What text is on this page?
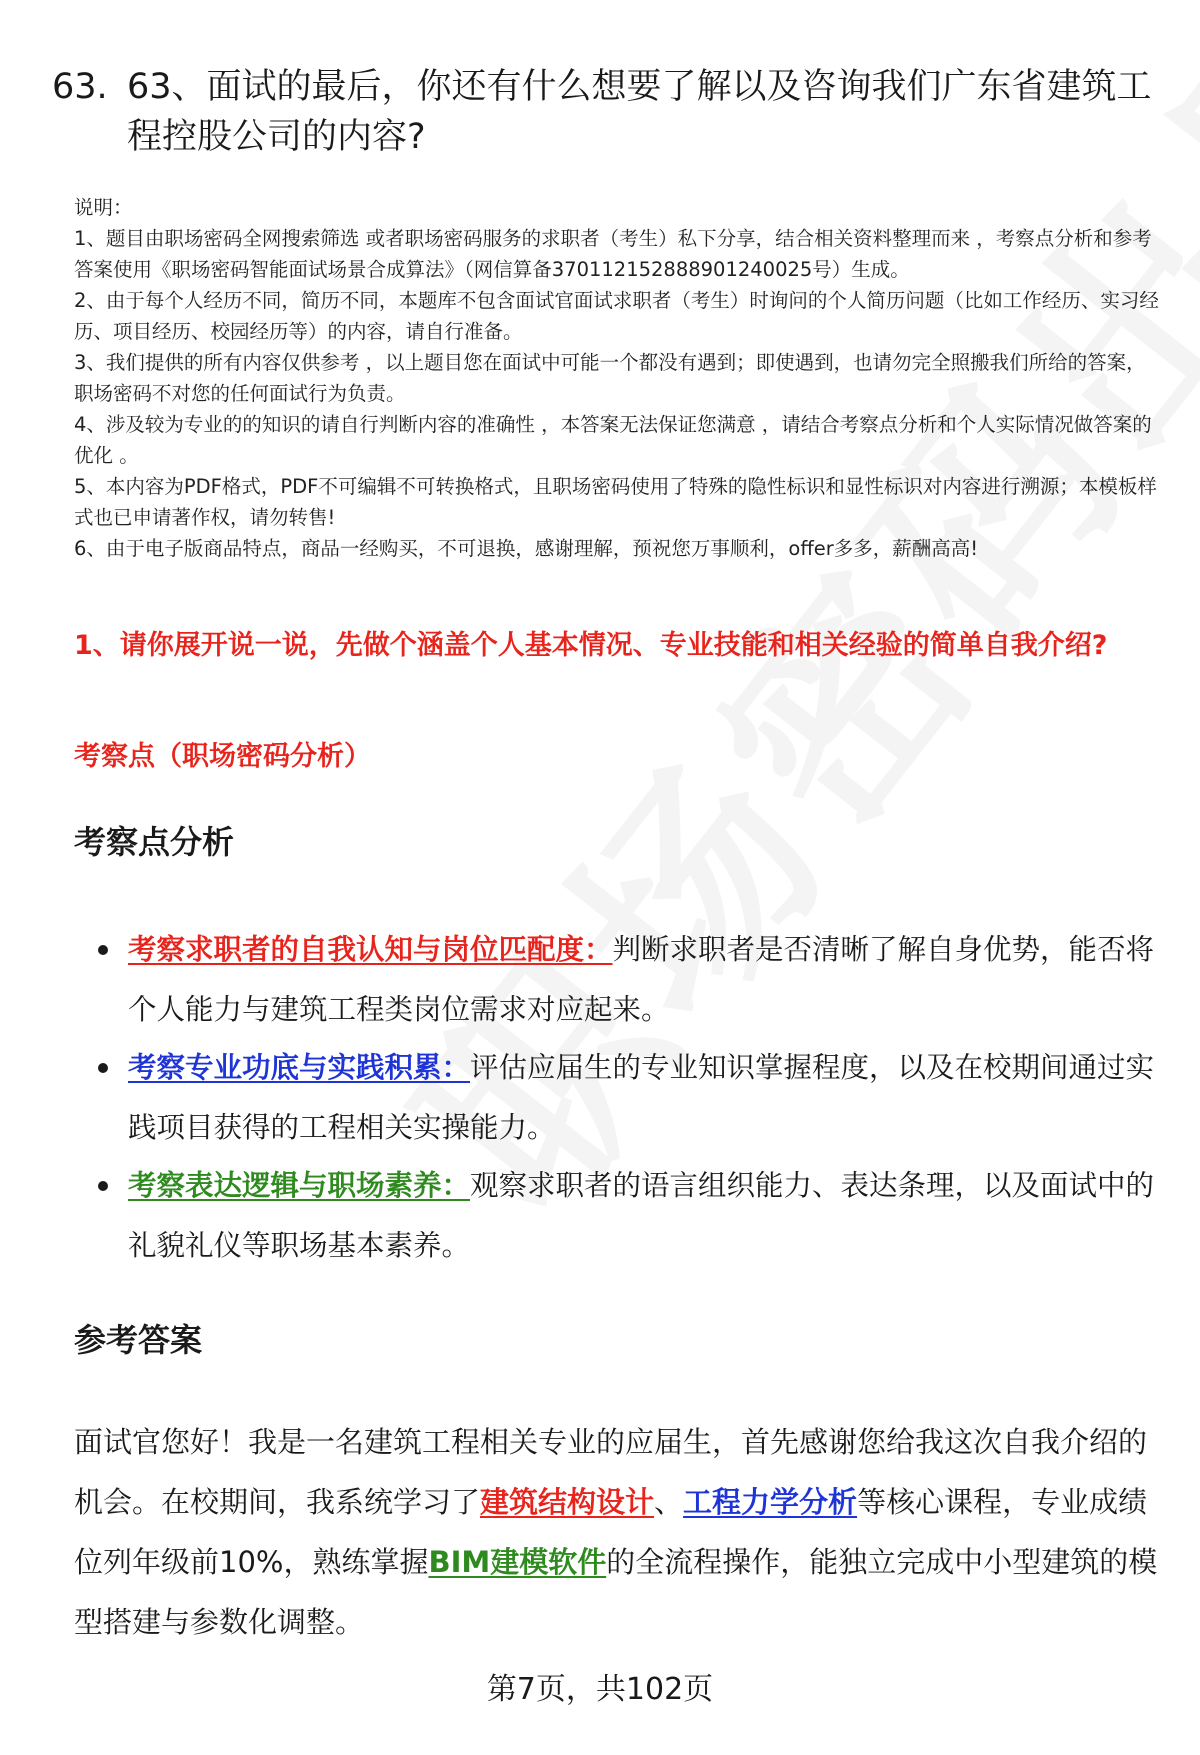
63. 63、面试的最后，你还有什么想要了解以及咨询我们广东省建筑工程控股公司的内容?
说明：
1、题目由职场密码全网搜索筛选 或者职场密码服务的求职者（考生）私下分享，结合相关资料整理而来 ，考察点分析和参考答案使用《职场密码智能面试场景合成算法》（网信算备370112152888901240025号）生成。
2、由于每个人经历不同，简历不同，本题库不包含面试官面试求职者（考生）时询问的个人简历问题（比如工作经历、实习经历、项目经历、校园经历等）的内容，请自行准备。
3、我们提供的所有内容仅供参考 ，以上题目您在面试中可能一个都没有遇到；即使遇到，也请勿完全照搬我们所给的答案，职场密码不对您的任何面试行为负责。
4、涉及较为专业的的知识的请自行判断内容的准确性 ，本答案无法保证您满意 ，请结合考察点分析和个人实际情况做答案的优化 。
5、本内容为PDF格式，PDF不可编辑不可转换格式，且职场密码使用了特殊的隐性标识和显性标识对内容进行溯源；本模板样式也已申请著作权，请勿转售!
6、由于电子版商品特点，商品一经购买，不可退换，感谢理解，预祝您万事顺利，offer多多，薪酬高高!
1、请你展开说一说，先做个涵盖个人基本情况、专业技能和相关经验的简单自我介绍?
考察点（职场密码分析）
考察点分析
考察求职者的自我认知与岗位匹配度：判断求职者是否清晰了解自身优势，能否将个人能力与建筑工程类岗位需求对应起来。
考察专业功底与实践积累：评估应届生的专业知识掌握程度，以及在校期间通过实践项目获得的工程相关实操能力。
考察表达逻辑与职场素养：观察求职者的语言组织能力、表达条理，以及面试中的礼貌礼仪等职场基本素养。
参考答案
面试官您好！我是一名建筑工程相关专业的应届生，首先感谢您给我这次自我介绍的机会。在校期间，我系统学习了建筑结构设计、工程力学分析等核心课程，专业成绩位列年级前10%，熟练掌握BIM建模软件的全流程操作，能独立完成中小型建筑的模型搭建与参数化调整。
第7页，共102页
